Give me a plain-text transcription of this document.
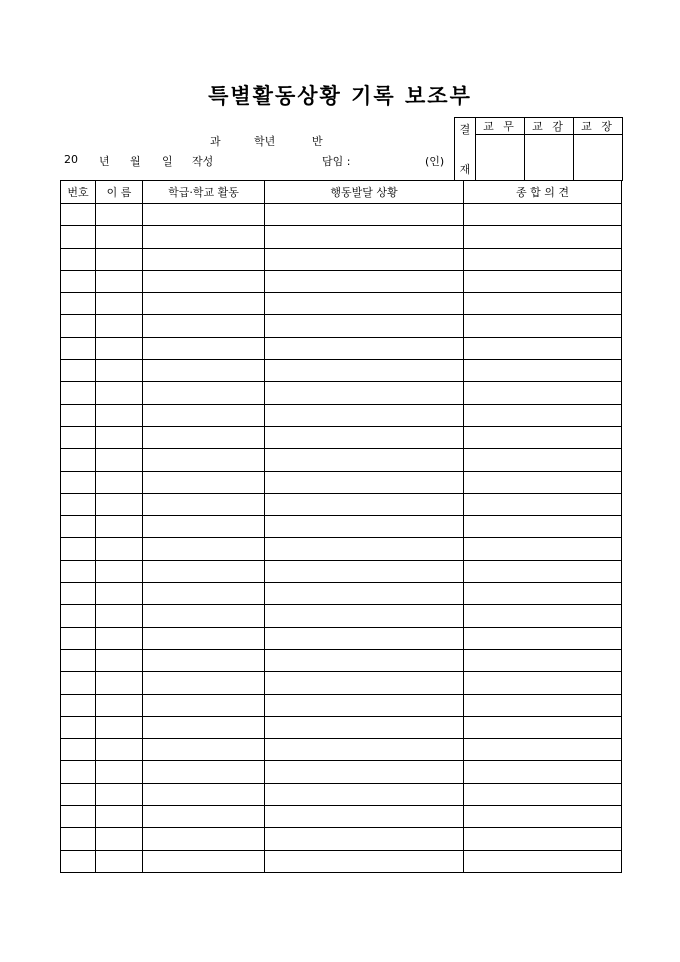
특별활동상황 기록 보조부
과	학년	반
20 년 월 일 작성	담임 :	(인)
결
재	교 무	교 감	교 장

번호	이 름	학급·학교 활동	행동발달 상황	종 합 의 견
